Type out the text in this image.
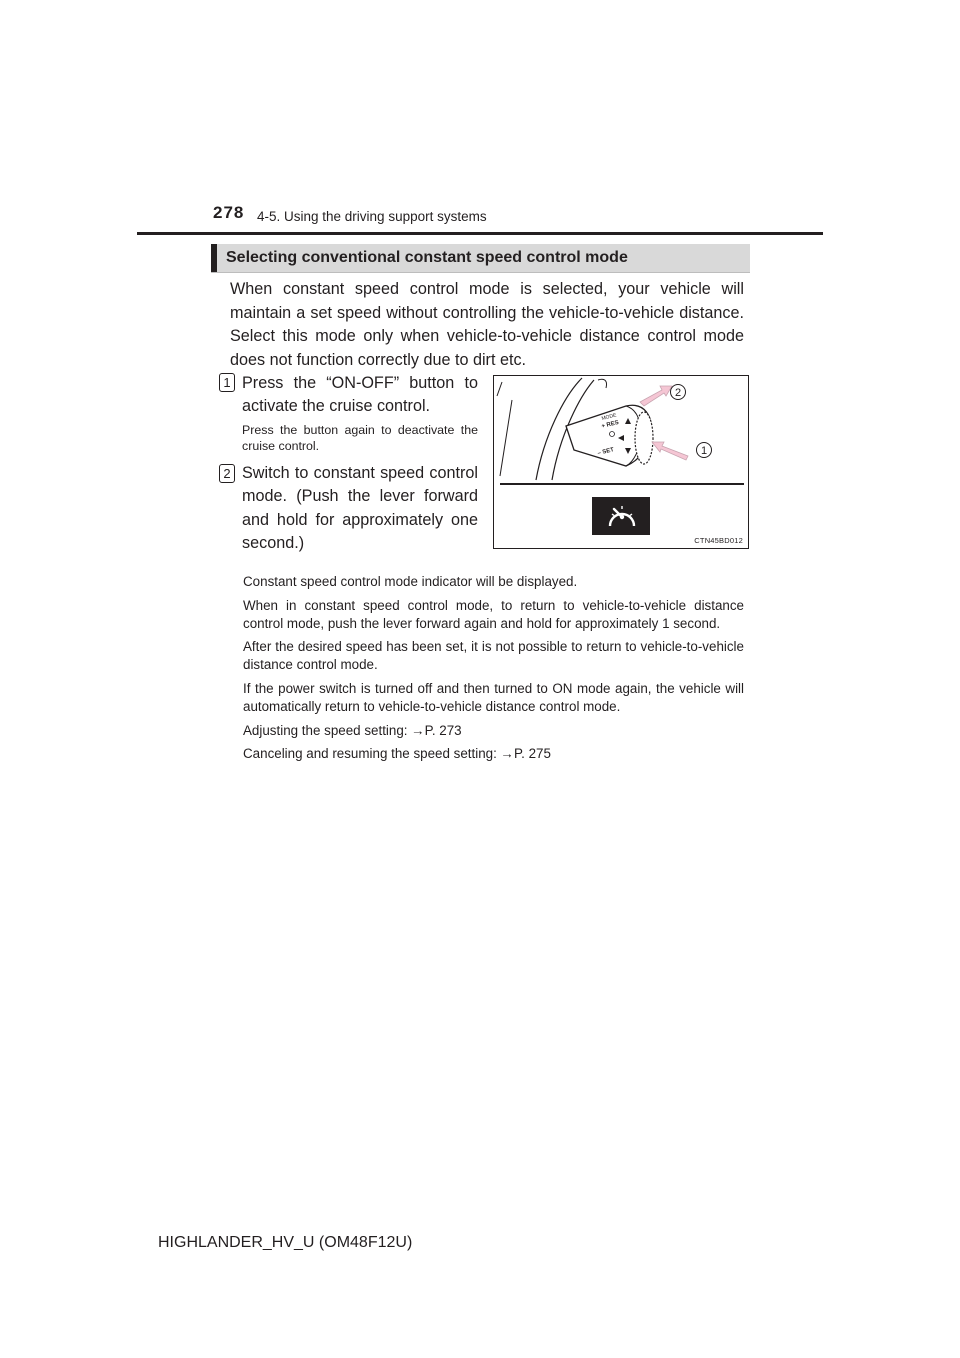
278 4-5. Using the driving support systems
Selecting conventional constant speed control mode
When constant speed control mode is selected, your vehicle will maintain a set speed without controlling the vehicle-to-vehicle distance. Select this mode only when vehicle-to-vehicle distance control mode does not function correctly due to dirt etc.
1 Press the “ON-OFF” button to activate the cruise control.
Press the button again to deactivate the cruise control.
2 Switch to constant speed control mode. (Push the lever forward and hold for approximately one second.)
MODE
+ RES
– SET
2
1
CTN45BD012

Constant speed control mode indicator will be displayed.

When in constant speed control mode, to return to vehicle-to-vehicle distance control mode, push the lever forward again and hold for approximately 1 second.

After the desired speed has been set, it is not possible to return to vehicle-to-vehicle distance control mode.

If the power switch is turned off and then turned to ON mode again, the vehicle will automatically return to vehicle-to-vehicle distance control mode.

Adjusting the speed setting: →P. 273

Canceling and resuming the speed setting: →P. 275

HIGHLANDER_HV_U (OM48F12U)
